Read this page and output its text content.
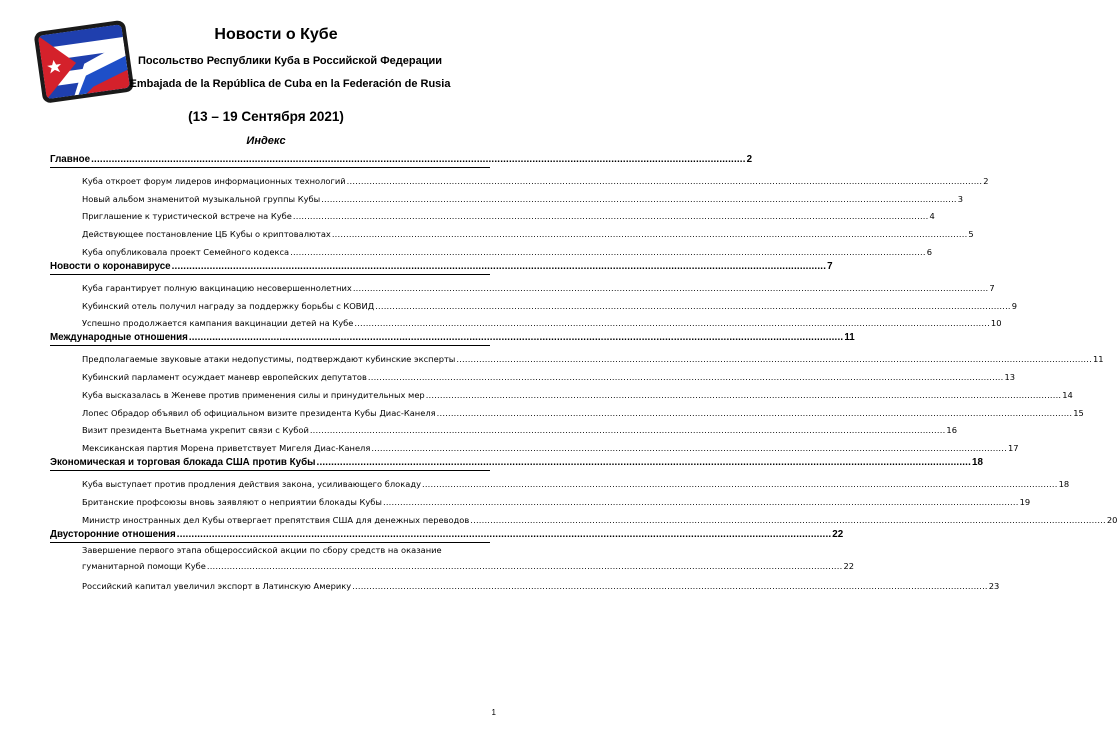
Новости о Кубе
Посольство Республики Куба в Российской Федерации
Embajada de la República de Cuba en la Federación de Rusia
(13 – 19 Сентября 2021)
Индекс
Главное .....	2
Куба откроет форум лидеров информационных технологий .....	2
Новый альбом знаменитой музыкальной группы Кубы .....	3
Приглашение к туристической встрече на Кубе .....	4
Действующее постановление ЦБ Кубы о криптовалютах .....	5
Куба опубликовала проект Семейного кодекса .....	6
Новости о коронавирусе .....	7
Куба гарантирует полную вакцинацию несовершеннолетних .....	7
Кубинский отель получил награду за поддержку борьбы с КОВИД .....	9
Успешно продолжается кампания вакцинации детей на Кубе .....	10
Международные отношения .....	11
Предполагаемые звуковые атаки недопустимы, подтверждают кубинские эксперты .....	11
Кубинский парламент осуждает маневр европейских депутатов .....	13
Куба высказалась в Женеве против применения силы и принудительных мер .....	14
Лопес Обрадор объявил об официальном визите президента Кубы Диас-Канеля .....	15
Визит президента Вьетнама укрепит связи с Кубой .....	16
Мексиканская партия Морена приветствует Мигеля Диас-Канеля .....	17
Экономическая и торговая блокада США против Кубы .....	18
Куба выступает против продления действия закона, усиливающего блокаду .....	18
Британские профсоюзы вновь заявляют о неприятии блокады Кубы .....	19
Министр иностранных дел Кубы отвергает препятствия США для денежных переводов .....	20
Двусторонние отношения .....	22
Завершение первого этапа общероссийской акции по сбору средств на оказание
гуманитарной помощи Кубе .....	22
Российский капитал увеличил экспорт в Латинскую Америку .....	23
1
